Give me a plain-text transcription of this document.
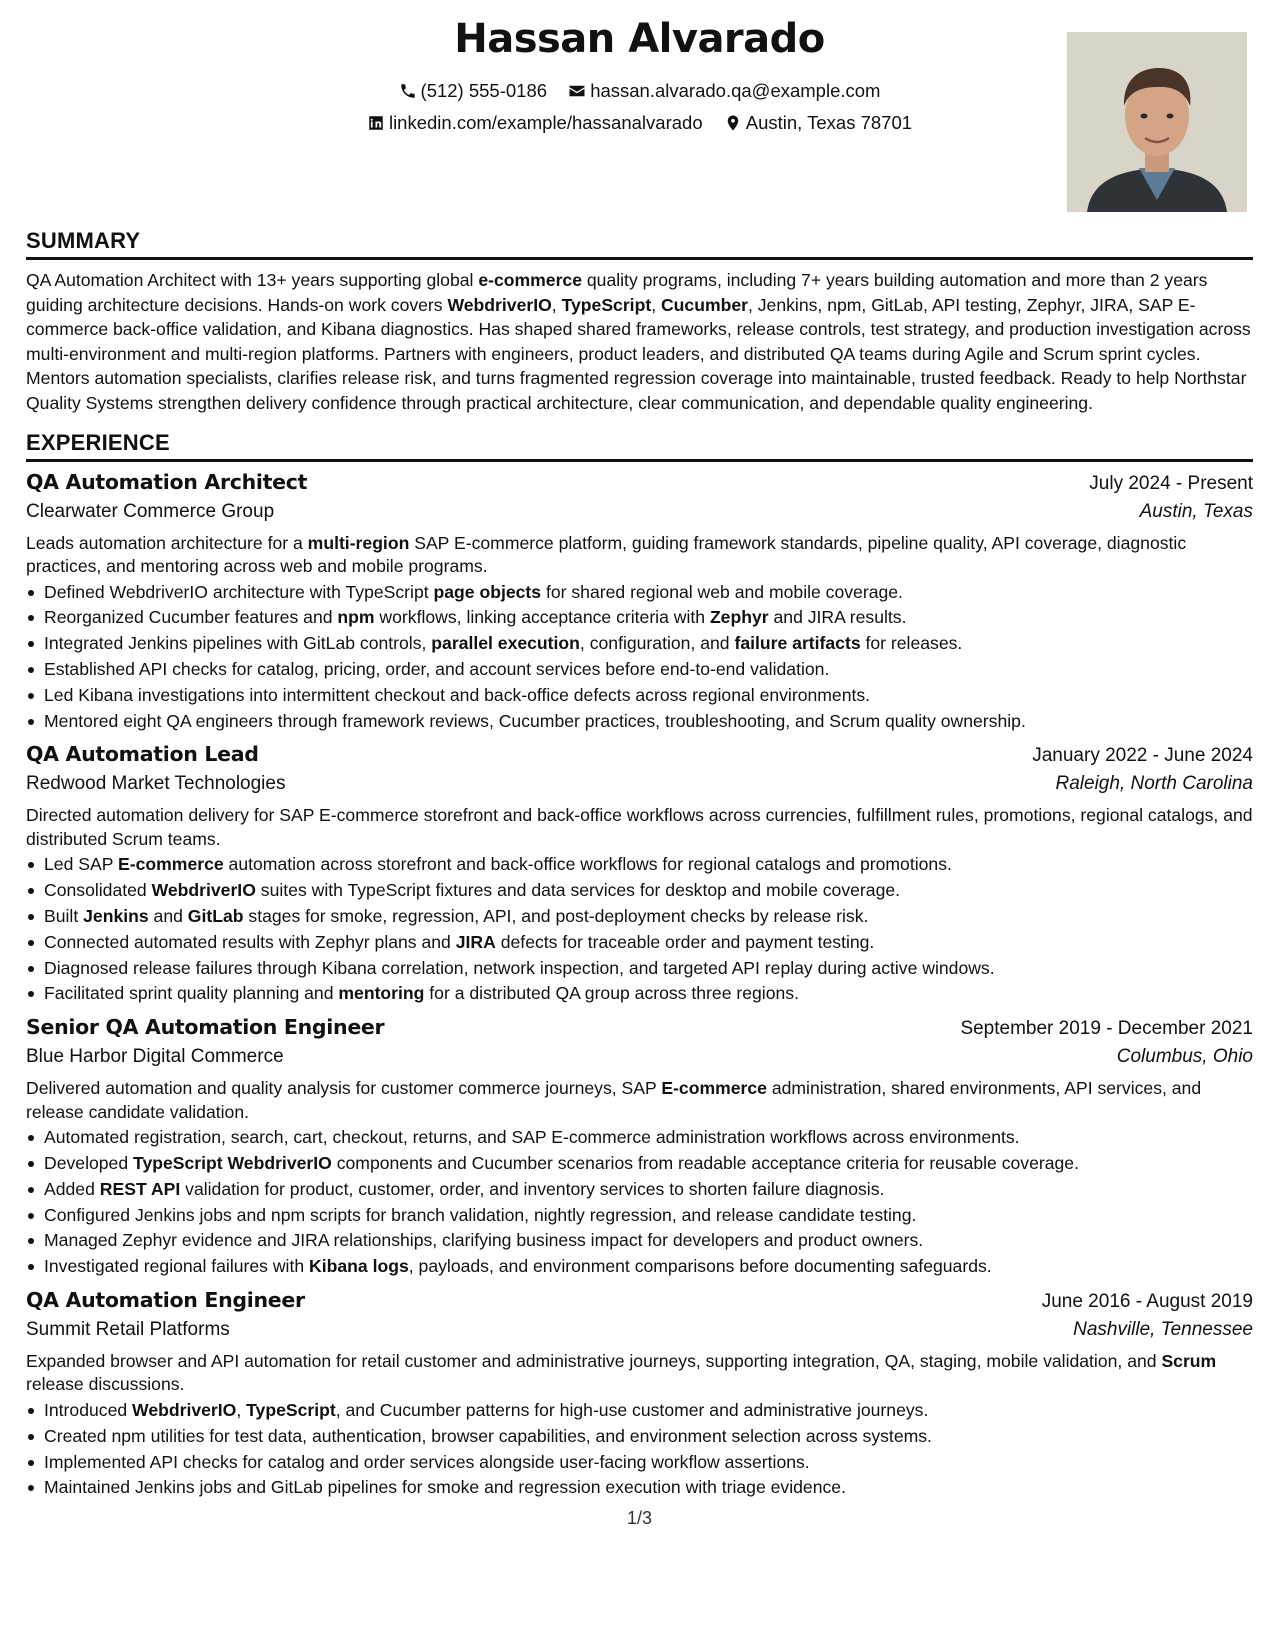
Hassan Alvarado
(512) 555-0186
hassan.alvarado.qa@example.com
linkedin.com/example/hassanalvarado
Austin, Texas 78701
SUMMARY

QA Automation Architect with 13+ years supporting global e-commerce quality programs, including 7+ years building automation and more than 2 years guiding architecture decisions. Hands-on work covers WebdriverIO, TypeScript, Cucumber, Jenkins, npm, GitLab, API testing, Zephyr, JIRA, SAP E-commerce back-office validation, and Kibana diagnostics. Has shaped shared frameworks, release controls, test strategy, and production investigation across multi-environment and multi-region platforms. Partners with engineers, product leaders, and distributed QA teams during Agile and Scrum sprint cycles. Mentors automation specialists, clarifies release risk, and turns fragmented regression coverage into maintainable, trusted feedback. Ready to help Northstar Quality Systems strengthen delivery confidence through practical architecture, clear communication, and dependable quality engineering.

EXPERIENCE
QA Automation Architect	July 2024 - Present
Clearwater Commerce Group	Austin, Texas
Leads automation architecture for a multi-region SAP E-commerce platform, guiding framework standards, pipeline quality, API coverage, diagnostic practices, and mentoring across web and mobile programs.
Defined WebdriverIO architecture with TypeScript page objects for shared regional web and mobile coverage.
Reorganized Cucumber features and npm workflows, linking acceptance criteria with Zephyr and JIRA results.
Integrated Jenkins pipelines with GitLab controls, parallel execution, configuration, and failure artifacts for releases.
Established API checks for catalog, pricing, order, and account services before end-to-end validation.
Led Kibana investigations into intermittent checkout and back-office defects across regional environments.
Mentored eight QA engineers through framework reviews, Cucumber practices, troubleshooting, and Scrum quality ownership.
QA Automation Lead	January 2022 - June 2024
Redwood Market Technologies	Raleigh, North Carolina
Directed automation delivery for SAP E-commerce storefront and back-office workflows across currencies, fulfillment rules, promotions, regional catalogs, and distributed Scrum teams.
Led SAP E-commerce automation across storefront and back-office workflows for regional catalogs and promotions.
Consolidated WebdriverIO suites with TypeScript fixtures and data services for desktop and mobile coverage.
Built Jenkins and GitLab stages for smoke, regression, API, and post-deployment checks by release risk.
Connected automated results with Zephyr plans and JIRA defects for traceable order and payment testing.
Diagnosed release failures through Kibana correlation, network inspection, and targeted API replay during active windows.
Facilitated sprint quality planning and mentoring for a distributed QA group across three regions.
Senior QA Automation Engineer	September 2019 - December 2021
Blue Harbor Digital Commerce	Columbus, Ohio
Delivered automation and quality analysis for customer commerce journeys, SAP E-commerce administration, shared environments, API services, and release candidate validation.
Automated registration, search, cart, checkout, returns, and SAP E-commerce administration workflows across environments.
Developed TypeScript WebdriverIO components and Cucumber scenarios from readable acceptance criteria for reusable coverage.
Added REST API validation for product, customer, order, and inventory services to shorten failure diagnosis.
Configured Jenkins jobs and npm scripts for branch validation, nightly regression, and release candidate testing.
Managed Zephyr evidence and JIRA relationships, clarifying business impact for developers and product owners.
Investigated regional failures with Kibana logs, payloads, and environment comparisons before documenting safeguards.
QA Automation Engineer	June 2016 - August 2019
Summit Retail Platforms	Nashville, Tennessee
Expanded browser and API automation for retail customer and administrative journeys, supporting integration, QA, staging, mobile validation, and Scrum release discussions.
Introduced WebdriverIO, TypeScript, and Cucumber patterns for high-use customer and administrative journeys.
Created npm utilities for test data, authentication, browser capabilities, and environment selection across systems.
Implemented API checks for catalog and order services alongside user-facing workflow assertions.
Maintained Jenkins jobs and GitLab pipelines for smoke and regression execution with triage evidence.
1/3
